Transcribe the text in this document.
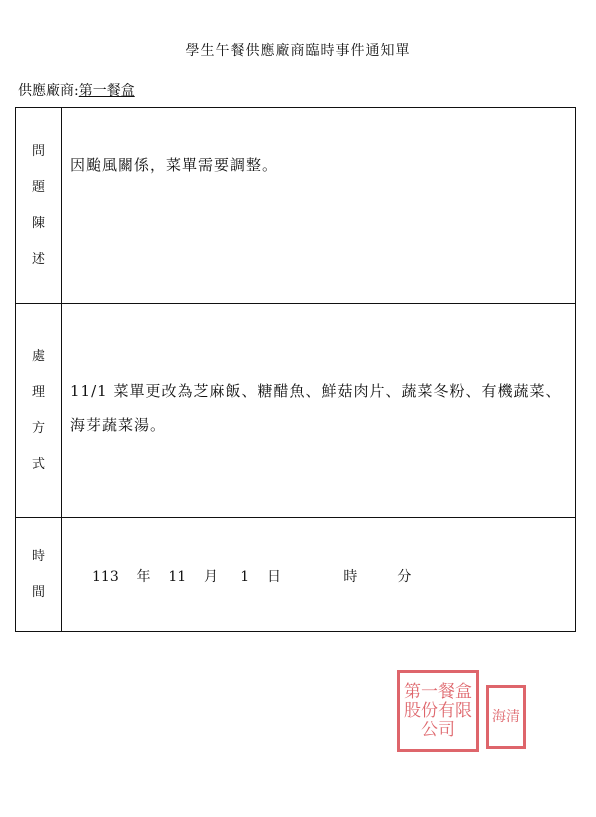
學生午餐供應廠商臨時事件通知單
供應廠商:第一餐盒
問
題
陳
述
因颱風關係，菜單需要調整。
處
理
方
式
11/1 菜單更改為芝麻飯、糖醋魚、鮮菇肉片、蔬菜冬粉、有機蔬菜、海芽蔬菜湯。
時
間
113 年 11 月 1 日	時	分
第一餐盒股份有限公司
海清
